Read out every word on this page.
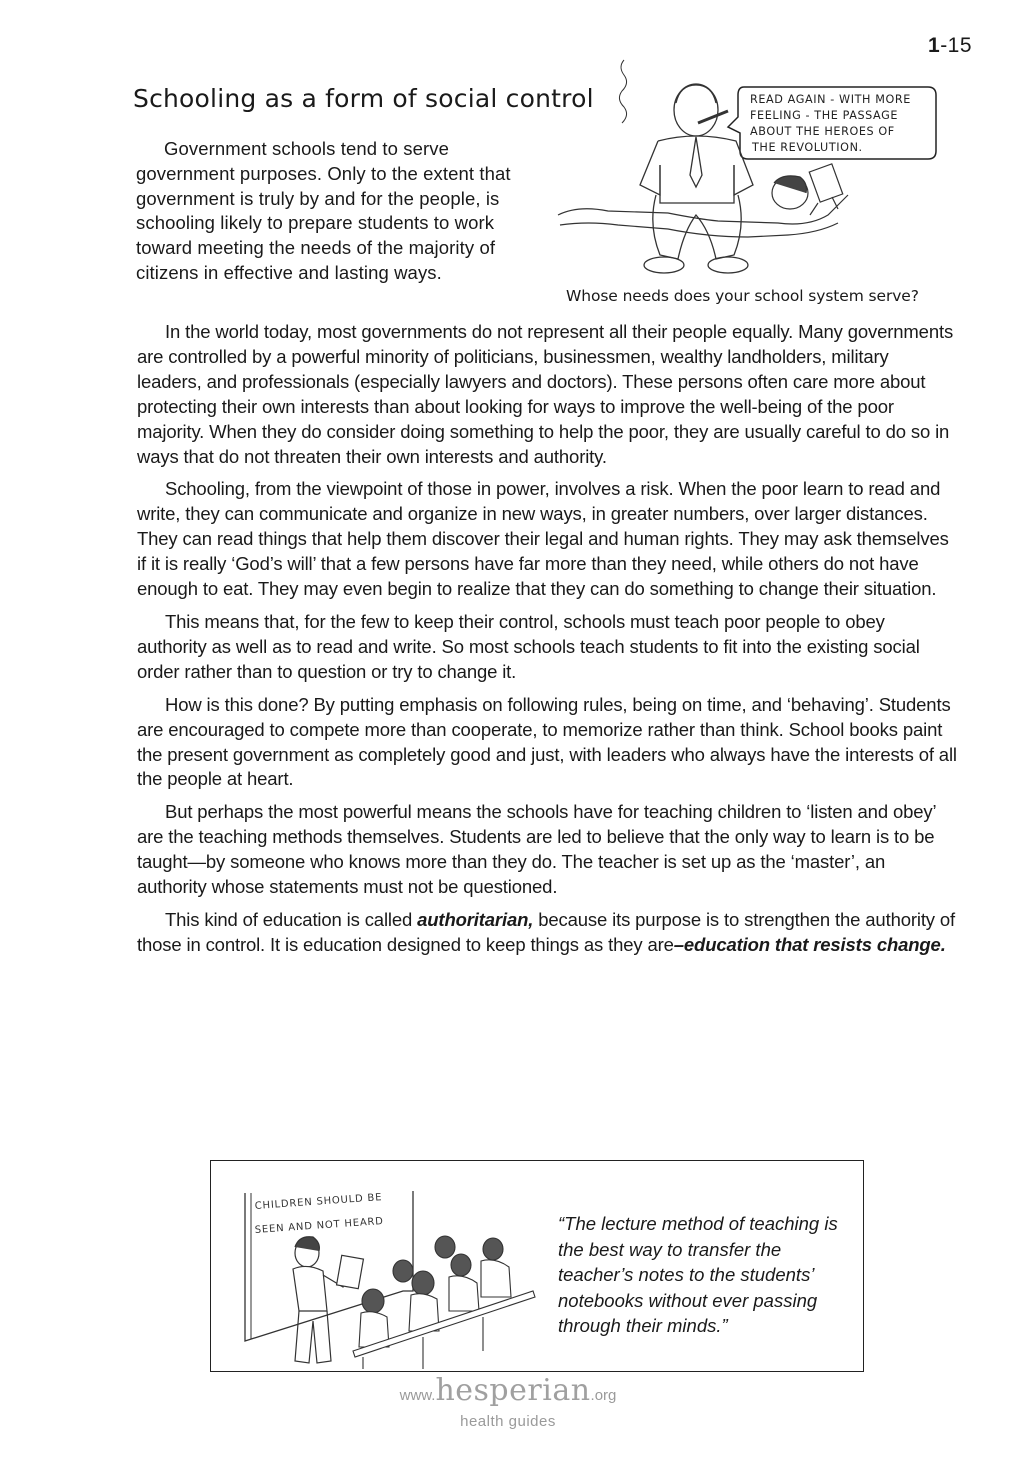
1-15
Schooling as a form of social control

Government schools tend to serve government purposes. Only to the extent that government is truly by and for the people, is schooling likely to prepare students to work toward meeting the needs of the majority of citizens in effective and lasting ways.

READ AGAIN - WITH MORE
FEELING - THE PASSAGE
ABOUT THE HEROES OF
THE REVOLUTION.
Whose needs does your school system serve?

In the world today, most governments do not represent all their people equally. Many governments are controlled by a powerful minority of politicians, businessmen, wealthy landholders, military leaders, and professionals (especially lawyers and doctors). These persons often care more about protecting their own interests than about looking for ways to improve the well-being of the poor majority. When they do consider doing something to help the poor, they are usually careful to do so in ways that do not threaten their own interests and authority.

Schooling, from the viewpoint of those in power, involves a risk. When the poor learn to read and write, they can communicate and organize in new ways, in greater numbers, over larger distances. They can read things that help them discover their legal and human rights. They may ask themselves if it is really ‘God’s will’ that a few persons have far more than they need, while others do not have enough to eat. They may even begin to realize that they can do something to change their situation.

This means that, for the few to keep their control, schools must teach poor people to obey authority as well as to read and write. So most schools teach students to fit into the existing social order rather than to question or try to change it.

How is this done? By putting emphasis on following rules, being on time, and ‘behaving’. Students are encouraged to compete more than cooperate, to memorize rather than think. School books paint the present government as completely good and just, with leaders who always have the interests of all the people at heart.

But perhaps the most powerful means the schools have for teaching children to ‘listen and obey’ are the teaching methods themselves. Students are led to believe that the only way to learn is to be taught—by someone who knows more than they do. The teacher is set up as the ‘master’, an authority whose statements must not be questioned.

This kind of education is called authoritarian, because its purpose is to strengthen the authority of those in control. It is education designed to keep things as they are–education that resists change.

CHILDREN SHOULD BE
SEEN AND NOT HEARD	“The lecture method of teaching is the best way to transfer the teacher’s notes to the students’ notebooks without ever passing through their minds.”

www.hesperian.org
health guides
